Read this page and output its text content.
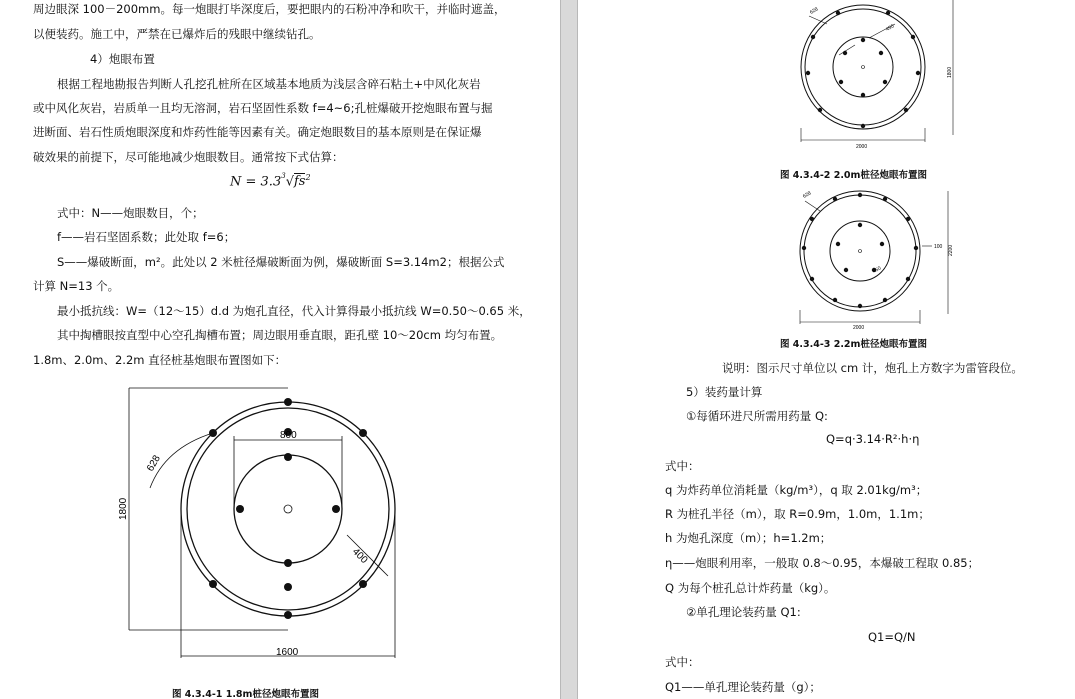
周边眼深 100－200mm。每一炮眼打毕深度后，要把眼内的石粉冲净和吹干，并临时遮盖，
以便装药。施工中，严禁在已爆炸后的残眼中继续钻孔。
4）炮眼布置
根据工程地勘报告判断人孔挖孔桩所在区域基本地质为浅层含碎石粘土+中风化灰岩
或中风化灰岩，岩质单一且均无溶洞，岩石坚固性系数 f=4~6;孔桩爆破开挖炮眼布置与掘
进断面、岩石性质炮眼深度和炸药性能等因素有关。确定炮眼数目的基本原则是在保证爆
破效果的前提下，尽可能地减少炮眼数目。通常按下式估算：
$N = 3.3^3√fs^2$
式中：N——炮眼数目，个；
f——岩石坚固系数；此处取 f=6；
S——爆破断面，m²。此处以 2 米桩径爆破断面为例，爆破断面 S=3.14m2；根据公式
计算 N=13 个。
最小抵抗线：W=（12～15）d.d 为炮孔直径，代入计算得最小抵抗线 W=0.50～0.65 米，
其中掏槽眼按直型中心空孔掏槽布置；周边眼用垂直眼，距孔壁 10～20cm 均匀布置。
1.8m、2.0m、2.2m 直径桩基炮眼布置图如下：
1800
1600
800
628
400
图 4.3.4-1 1.8m桩径炮眼布置图
2000
1800
628
450
图 4.3.4-2 2.0m桩径炮眼布置图
2000
2200
628
450
100
图 4.3.4-3 2.2m桩径炮眼布置图
说明：图示尺寸单位以 cm 计，炮孔上方数字为雷管段位。
5）装药量计算
①每循环进尺所需用药量 Q:
Q=q·3.14·R²·h·η
式中：
q 为炸药单位消耗量（kg/m³），q 取 2.01kg/m³；
R 为桩孔半径（m），取 R=0.9m，1.0m，1.1m；
h 为炮孔深度（m）；h=1.2m；
η——炮眼利用率，一般取 0.8～0.95，本爆破工程取 0.85；
Q 为每个桩孔总计炸药量（kg）。
②单孔理论装药量 Q1:
Q1=Q/N
式中：
Q1——单孔理论装药量（g）；
